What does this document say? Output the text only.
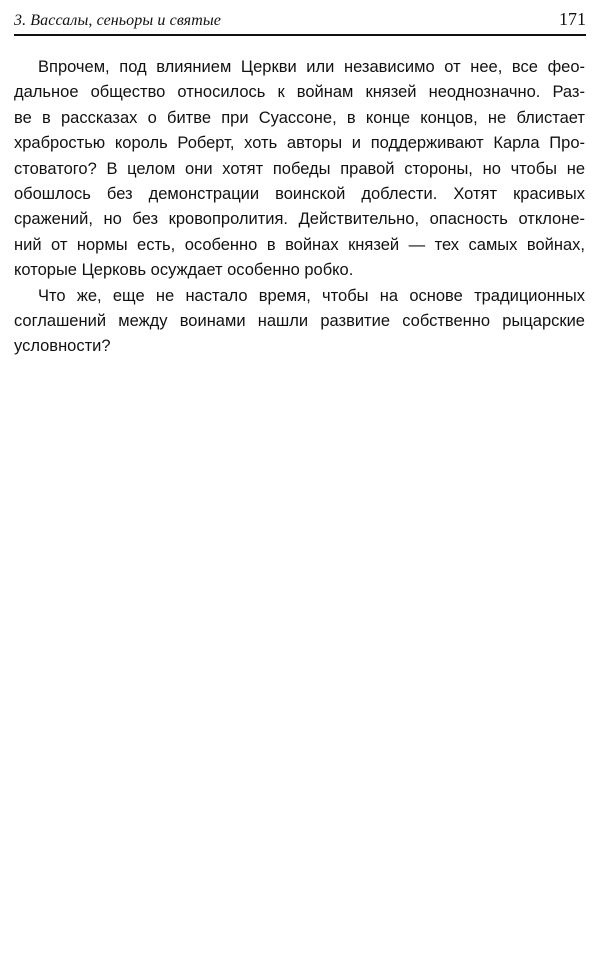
3. Вассалы, сеньоры и святые	171

Впрочем, под влиянием Церкви или независимо от нее, все фео-
дальное общество относилось к войнам князей неоднозначно. Раз-
ве в рассказах о битве при Суассоне, в конце концов, не блистает
храбростью король Роберт, хоть авторы и поддерживают Карла Про-
стоватого? В целом они хотят победы правой стороны, но чтобы не
обошлось без демонстрации воинской доблести. Хотят красивых
сражений, но без кровопролития. Действительно, опасность отклоне-
ний от нормы есть, особенно в войнах князей — тех самых войнах,
которые Церковь осуждает особенно робко.

Что же, еще не настало время, чтобы на основе традиционных
соглашений между воинами нашли развитие собственно рыцарские
условности?
